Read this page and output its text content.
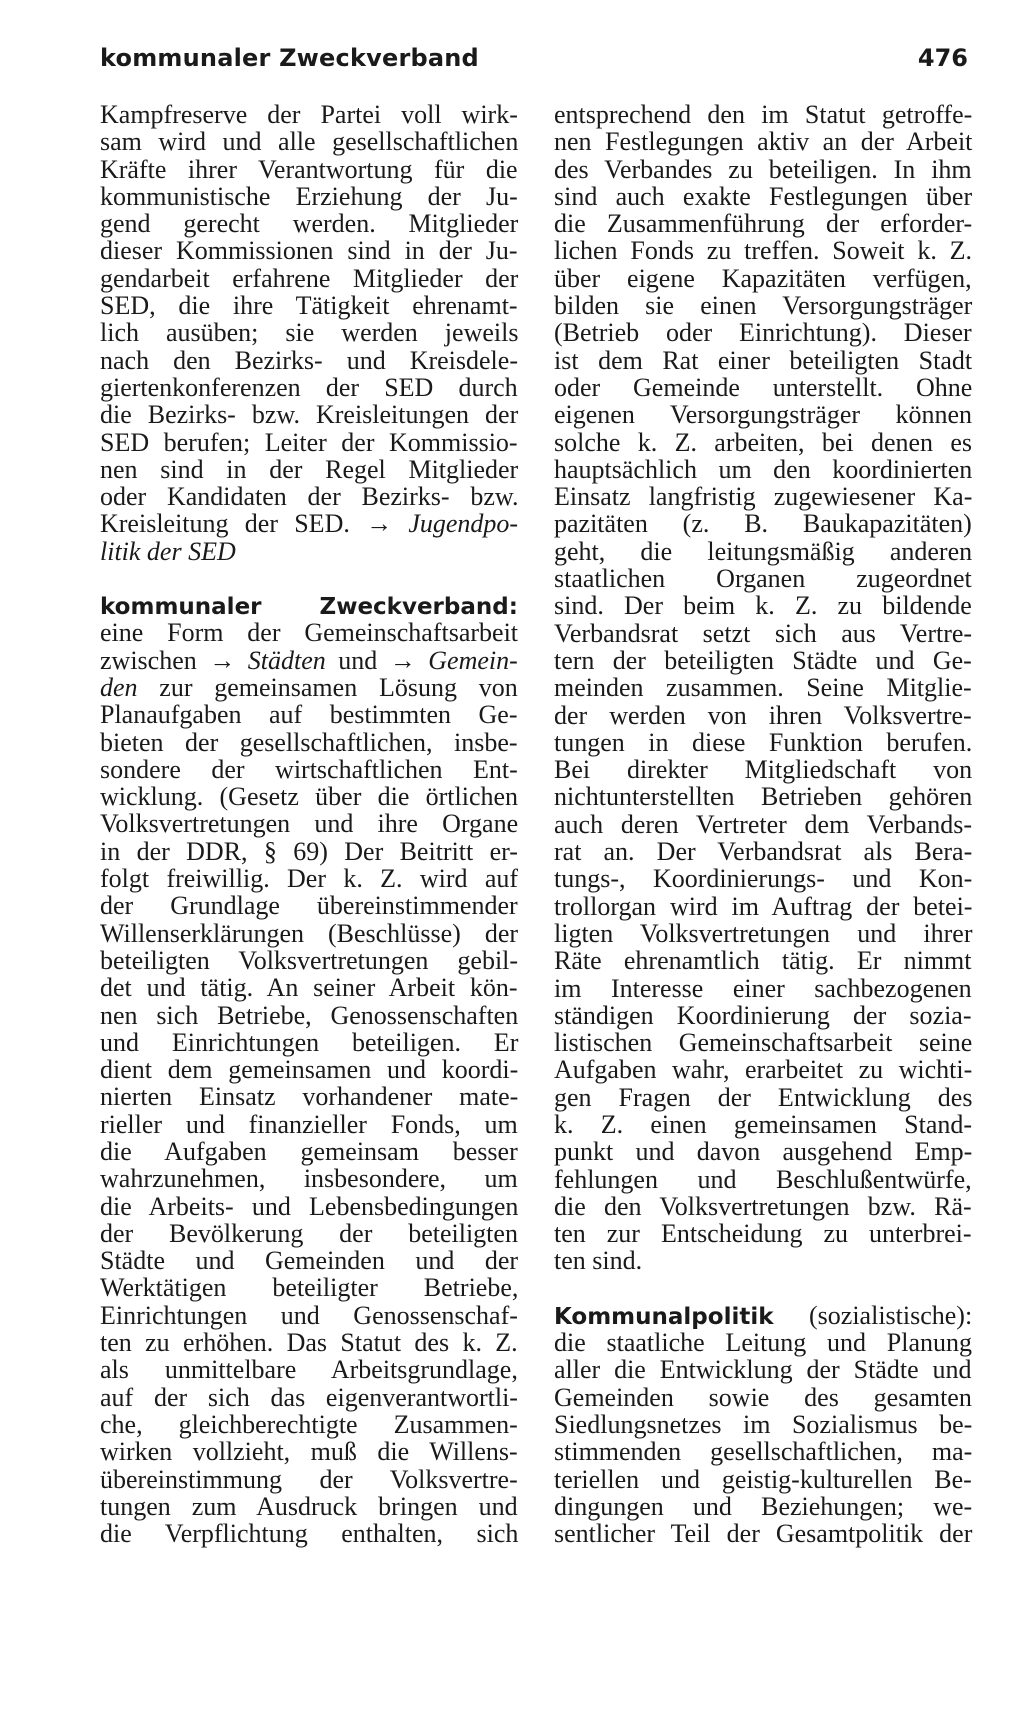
kommunaler Zweckverband	476
Kampfreserve der Partei voll wirk-
sam wird und alle gesellschaftlichen
Kräfte ihrer Verantwortung für die
kommunistische Erziehung der Ju-
gend gerecht werden. Mitglieder
dieser Kommissionen sind in der Ju-
gendarbeit erfahrene Mitglieder der
SED, die ihre Tätigkeit ehrenamt-
lich ausüben; sie werden jeweils
nach den Bezirks- und Kreisdele-
giertenkonferenzen der SED durch
die Bezirks- bzw. Kreisleitungen der
SED berufen; Leiter der Kommissio-
nen sind in der Regel Mitglieder
oder Kandidaten der Bezirks- bzw.
Kreisleitung der SED. → Jugendpo-
litik der SED
kommunaler Zweckverband:
eine Form der Gemeinschaftsarbeit
zwischen → Städten und → Gemein-
den zur gemeinsamen Lösung von
Planaufgaben auf bestimmten Ge-
bieten der gesellschaftlichen, insbe-
sondere der wirtschaftlichen Ent-
wicklung. (Gesetz über die örtlichen
Volksvertretungen und ihre Organe
in der DDR, § 69) Der Beitritt er-
folgt freiwillig. Der k. Z. wird auf
der Grundlage übereinstimmender
Willenserklärungen (Beschlüsse) der
beteiligten Volksvertretungen gebil-
det und tätig. An seiner Arbeit kön-
nen sich Betriebe, Genossenschaften
und Einrichtungen beteiligen. Er
dient dem gemeinsamen und koordi-
nierten Einsatz vorhandener mate-
rieller und finanzieller Fonds, um
die Aufgaben gemeinsam besser
wahrzunehmen, insbesondere, um
die Arbeits- und Lebensbedingungen
der Bevölkerung der beteiligten
Städte und Gemeinden und der
Werktätigen beteiligter Betriebe,
Einrichtungen und Genossenschaf-
ten zu erhöhen. Das Statut des k. Z.
als unmittelbare Arbeitsgrundlage,
auf der sich das eigenverantwortli-
che, gleichberechtigte Zusammen-
wirken vollzieht, muß die Willens-
übereinstimmung der Volksvertre-
tungen zum Ausdruck bringen und
die Verpflichtung enthalten, sich
entsprechend den im Statut getroffe-
nen Festlegungen aktiv an der Arbeit
des Verbandes zu beteiligen. In ihm
sind auch exakte Festlegungen über
die Zusammenführung der erforder-
lichen Fonds zu treffen. Soweit k. Z.
über eigene Kapazitäten verfügen,
bilden sie einen Versorgungsträger
(Betrieb oder Einrichtung). Dieser
ist dem Rat einer beteiligten Stadt
oder Gemeinde unterstellt. Ohne
eigenen Versorgungsträger können
solche k. Z. arbeiten, bei denen es
hauptsächlich um den koordinierten
Einsatz langfristig zugewiesener Ka-
pazitäten (z. B. Baukapazitäten)
geht, die leitungsmäßig anderen
staatlichen Organen zugeordnet
sind. Der beim k. Z. zu bildende
Verbandsrat setzt sich aus Vertre-
tern der beteiligten Städte und Ge-
meinden zusammen. Seine Mitglie-
der werden von ihren Volksvertre-
tungen in diese Funktion berufen.
Bei direkter Mitgliedschaft von
nichtunterstellten Betrieben gehören
auch deren Vertreter dem Verbands-
rat an. Der Verbandsrat als Bera-
tungs-, Koordinierungs- und Kon-
trollorgan wird im Auftrag der betei-
ligten Volksvertretungen und ihrer
Räte ehrenamtlich tätig. Er nimmt
im Interesse einer sachbezogenen
ständigen Koordinierung der sozia-
listischen Gemeinschaftsarbeit seine
Aufgaben wahr, erarbeitet zu wichti-
gen Fragen der Entwicklung des
k. Z. einen gemeinsamen Stand-
punkt und davon ausgehend Emp-
fehlungen und Beschlußentwürfe,
die den Volksvertretungen bzw. Rä-
ten zur Entscheidung zu unterbrei-
ten sind.
Kommunalpolitik (sozialistische):
die staatliche Leitung und Planung
aller die Entwicklung der Städte und
Gemeinden sowie des gesamten
Siedlungsnetzes im Sozialismus be-
stimmenden gesellschaftlichen, ma-
teriellen und geistig-kulturellen Be-
dingungen und Beziehungen; we-
sentlicher Teil der Gesamtpolitik der
